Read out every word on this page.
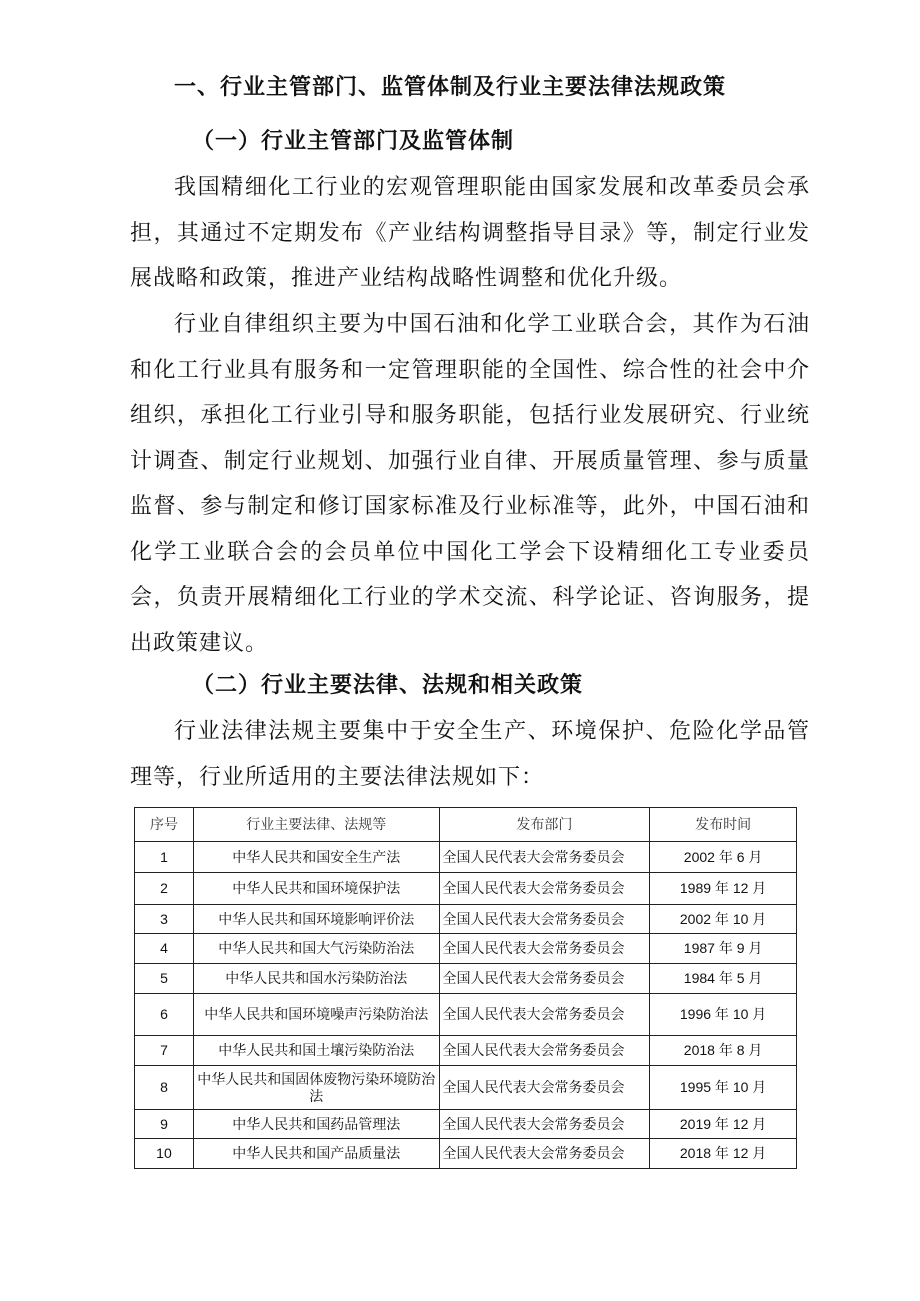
一、行业主管部门、监管体制及行业主要法律法规政策
（一）行业主管部门及监管体制
我国精细化工行业的宏观管理职能由国家发展和改革委员会承担，其通过不定期发布《产业结构调整指导目录》等，制定行业发展战略和政策，推进产业结构战略性调整和优化升级。
行业自律组织主要为中国石油和化学工业联合会，其作为石油和化工行业具有服务和一定管理职能的全国性、综合性的社会中介组织，承担化工行业引导和服务职能，包括行业发展研究、行业统计调查、制定行业规划、加强行业自律、开展质量管理、参与质量监督、参与制定和修订国家标准及行业标准等，此外，中国石油和化学工业联合会的会员单位中国化工学会下设精细化工专业委员会，负责开展精细化工行业的学术交流、科学论证、咨询服务，提出政策建议。
（二）行业主要法律、法规和相关政策
行业法律法规主要集中于安全生产、环境保护、危险化学品管理等，行业所适用的主要法律法规如下：
序号	行业主要法律、法规等	发布部门	发布时间
1	中华人民共和国安全生产法	全国人民代表大会常务委员会	2002 年 6 月
2	中华人民共和国环境保护法	全国人民代表大会常务委员会	1989 年 12 月
3	中华人民共和国环境影响评价法	全国人民代表大会常务委员会	2002 年 10 月
4	中华人民共和国大气污染防治法	全国人民代表大会常务委员会	1987 年 9 月
5	中华人民共和国水污染防治法	全国人民代表大会常务委员会	1984 年 5 月
6	中华人民共和国环境噪声污染防治法	全国人民代表大会常务委员会	1996 年 10 月
7	中华人民共和国土壤污染防治法	全国人民代表大会常务委员会	2018 年 8 月
8	中华人民共和国固体废物污染环境防治法	全国人民代表大会常务委员会	1995 年 10 月
9	中华人民共和国药品管理法	全国人民代表大会常务委员会	2019 年 12 月
10	中华人民共和国产品质量法	全国人民代表大会常务委员会	2018 年 12 月
